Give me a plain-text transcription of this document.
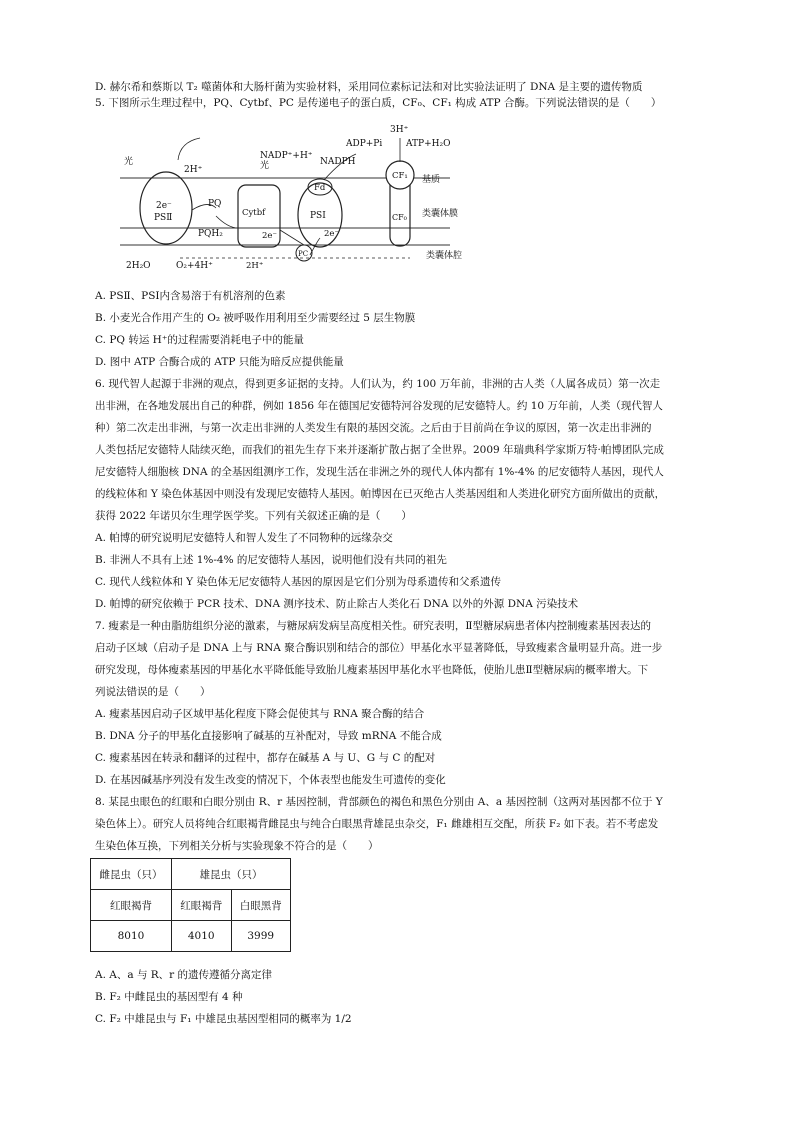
D. 赫尔希和蔡斯以 T₂ 噬菌体和大肠杆菌为实验材料，采用同位素标记法和对比实验法证明了 DNA 是主要的遗传物质
5. 下图所示生理过程中，PQ、Cytbf、PC 是传递电子的蛋白质，CF₀、CF₁ 构成 ATP 合酶。下列说法错误的是（　　）
光	光
2H⁺
PQ
PQH₂
2e⁻
PSⅡ	Cytbf
2e⁻
Fd
PSⅠ
2e⁻
PC
NADP⁺+H⁺
NADPH
ADP+Pi	ATP+H₂O
3H⁺
CF₁
CF₀
基质
类囊体膜
类囊体腔
2H₂O	O₂+4H⁺	2H⁺
A. PSⅡ、PSⅠ内含易溶于有机溶剂的色素
B. 小麦光合作用产生的 O₂ 被呼吸作用利用至少需要经过 5 层生物膜
C. PQ 转运 H⁺的过程需要消耗电子中的能量
D. 图中 ATP 合酶合成的 ATP 只能为暗反应提供能量
6. 现代智人起源于非洲的观点，得到更多证据的支持。人们认为，约 100 万年前，非洲的古人类（人属各成员）第一次走
出非洲，在各地发展出自己的种群，例如 1856 年在德国尼安德特河谷发现的尼安德特人。约 10 万年前，人类（现代智人
种）第二次走出非洲，与第一次走出非洲的人类发生有限的基因交流。之后由于目前尚在争议的原因，第一次走出非洲的
人类包括尼安德特人陆续灭绝，而我们的祖先生存下来并逐渐扩散占据了全世界。2009 年瑞典科学家斯万特·帕博团队完成
尼安德特人细胞核 DNA 的全基因组测序工作，发现生活在非洲之外的现代人体内都有 1%-4% 的尼安德特人基因，现代人
的线粒体和 Y 染色体基因中则没有发现尼安德特人基因。帕博因在已灭绝古人类基因组和人类进化研究方面所做出的贡献，
获得 2022 年诺贝尔生理学医学奖。下列有关叙述正确的是（　　）
A. 帕博的研究说明尼安德特人和智人发生了不同物种的远缘杂交
B. 非洲人不具有上述 1%-4% 的尼安德特人基因，说明他们没有共同的祖先
C. 现代人线粒体和 Y 染色体无尼安德特人基因的原因是它们分别为母系遗传和父系遗传
D. 帕博的研究依赖于 PCR 技术、DNA 测序技术、防止除古人类化石 DNA 以外的外源 DNA 污染技术
7. 瘦素是一种由脂肪组织分泌的激素，与糖尿病发病呈高度相关性。研究表明，Ⅱ型糖尿病患者体内控制瘦素基因表达的
启动子区域（启动子是 DNA 上与 RNA 聚合酶识别和结合的部位）甲基化水平显著降低，导致瘦素含量明显升高。进一步
研究发现，母体瘦素基因的甲基化水平降低能导致胎儿瘦素基因甲基化水平也降低，使胎儿患Ⅱ型糖尿病的概率增大。下
列说法错误的是（　　）
A. 瘦素基因启动子区域甲基化程度下降会促使其与 RNA 聚合酶的结合
B. DNA 分子的甲基化直接影响了碱基的互补配对，导致 mRNA 不能合成
C. 瘦素基因在转录和翻译的过程中，都存在碱基 A 与 U、G 与 C 的配对
D. 在基因碱基序列没有发生改变的情况下，个体表型也能发生可遗传的变化
8. 某昆虫眼色的红眼和白眼分别由 R、r 基因控制，背部颜色的褐色和黑色分别由 A、a 基因控制（这两对基因都不位于 Y
染色体上）。研究人员将纯合红眼褐背雌昆虫与纯合白眼黑背雄昆虫杂交，F₁ 雌雄相互交配，所获 F₂ 如下表。若不考虑发
生染色体互换，下列相关分析与实验现象不符合的是（　　）
雌昆虫（只）	雄昆虫（只）	
红眼褐背	红眼褐背	白眼黑背
8010	4010	3999
A. A、a 与 R、r 的遗传遵循分离定律
B. F₂ 中雌昆虫的基因型有 4 种
C. F₂ 中雄昆虫与 F₁ 中雄昆虫基因型相同的概率为 1/2
